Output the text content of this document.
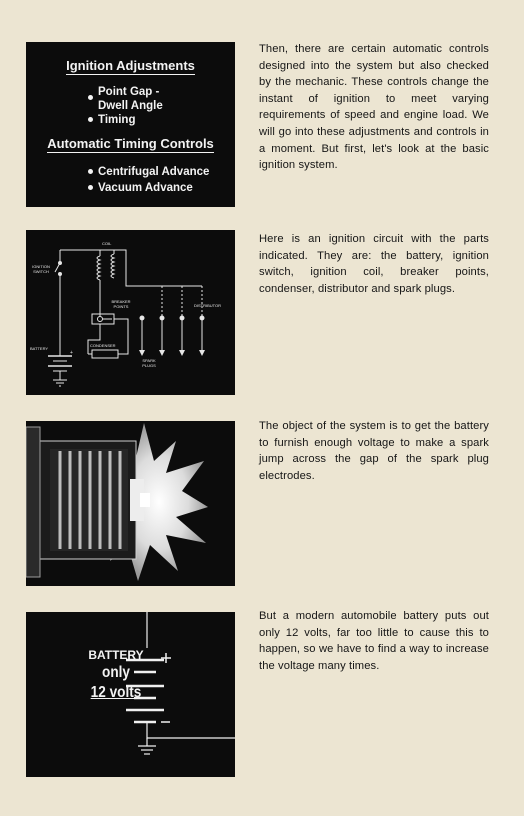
Ignition Adjustments
Point Gap -
Dwell Angle
Timing
Automatic Timing Controls
Centrifugal Advance
Vacuum Advance
+
COIL
IGNITION SWITCH
BREAKER POINTS	DISTRIBUTOR
BATTERY
CONDENSER
SPARK PLUGS
BATTERY
only
12 volts

Then, there are certain automatic controls designed into the system but also checked by the mechanic. These controls change the instant of ignition to meet varying requirements of speed and engine load. We will go into these adjustments and controls in a moment. But first, let's look at the basic ignition system.

Here is an ignition circuit with the parts indicated. They are: the battery, ignition switch, ignition coil, breaker points, condenser, distributor and spark plugs.

The object of the system is to get the battery to furnish enough voltage to make a spark jump across the gap of the spark plug electrodes.

But a modern automobile battery puts out only 12 volts, far too little to cause this to happen, so we have to find a way to increase the voltage many times.
